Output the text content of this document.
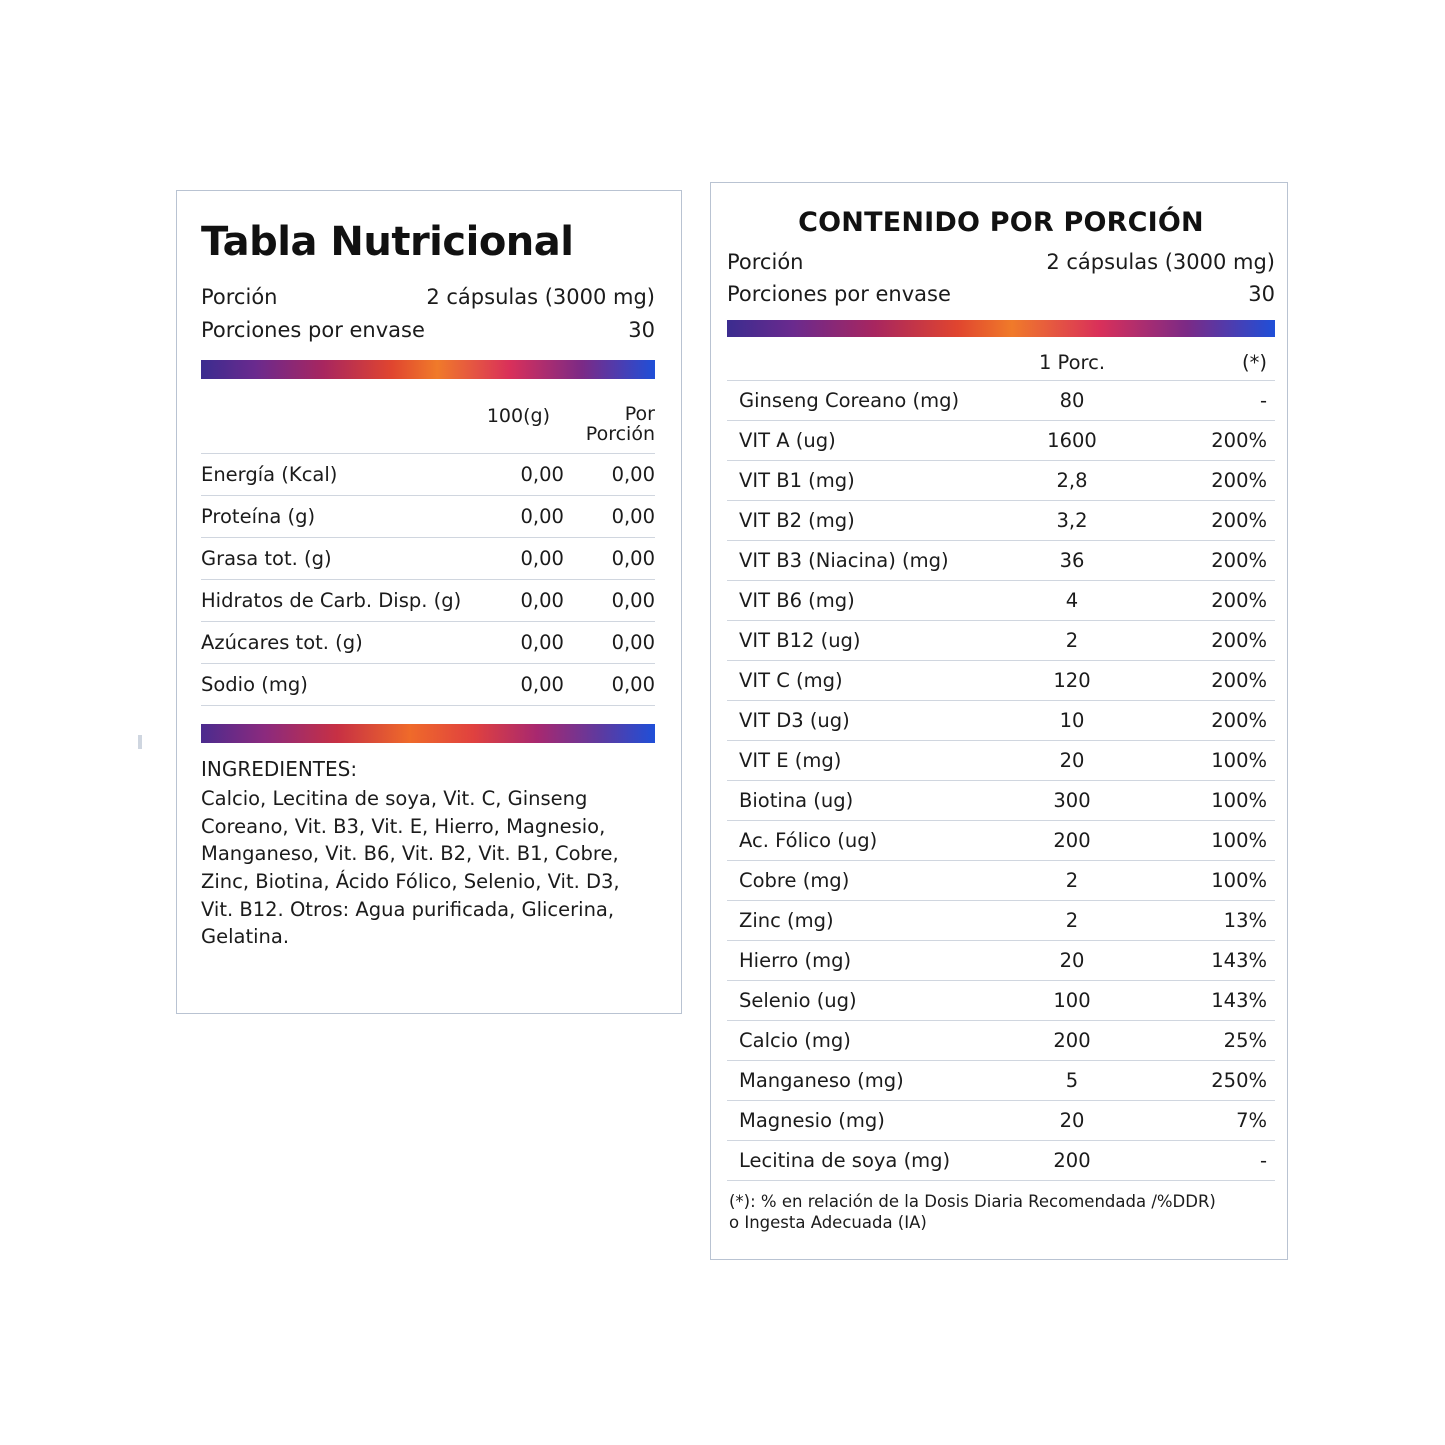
Tabla Nutricional
Porción	2 cápsulas (3000 mg)
Porciones por envase	30
100(g)	Por
Porción
Energía (Kcal)	0,00	0,00
Proteína (g)	0,00	0,00
Grasa tot. (g)	0,00	0,00
Hidratos de Carb. Disp. (g)	0,00	0,00
Azúcares tot. (g)	0,00	0,00
Sodio (mg)	0,00	0,00
INGREDIENTES:
Calcio, Lecitina de soya, Vit. C, Ginseng Coreano, Vit. B3, Vit. E, Hierro, Magnesio, Manganeso, Vit. B6, Vit. B2, Vit. B1, Cobre, Zinc, Biotina, Ácido Fólico, Selenio, Vit. D3, Vit. B12. Otros: Agua purificada, Glicerina, Gelatina.
CONTENIDO POR PORCIÓN
Porción	2 cápsulas (3000 mg)
Porciones por envase	30
	1 Porc.	(*)
Ginseng Coreano (mg)	80	-
VIT A (ug)	1600	200%
VIT B1 (mg)	2,8	200%
VIT B2 (mg)	3,2	200%
VIT B3 (Niacina) (mg)	36	200%
VIT B6 (mg)	4	200%
VIT B12 (ug)	2	200%
VIT C (mg)	120	200%
VIT D3 (ug)	10	200%
VIT E (mg)	20	100%
Biotina (ug)	300	100%
Ac. Fólico (ug)	200	100%
Cobre (mg)	2	100%
Zinc (mg)	2	13%
Hierro (mg)	20	143%
Selenio (ug)	100	143%
Calcio (mg)	200	25%
Manganeso (mg)	5	250%
Magnesio (mg)	20	7%
Lecitina de soya (mg)	200	-
(*): % en relación de la Dosis Diaria Recomendada /%DDR)
o Ingesta Adecuada (IA)
